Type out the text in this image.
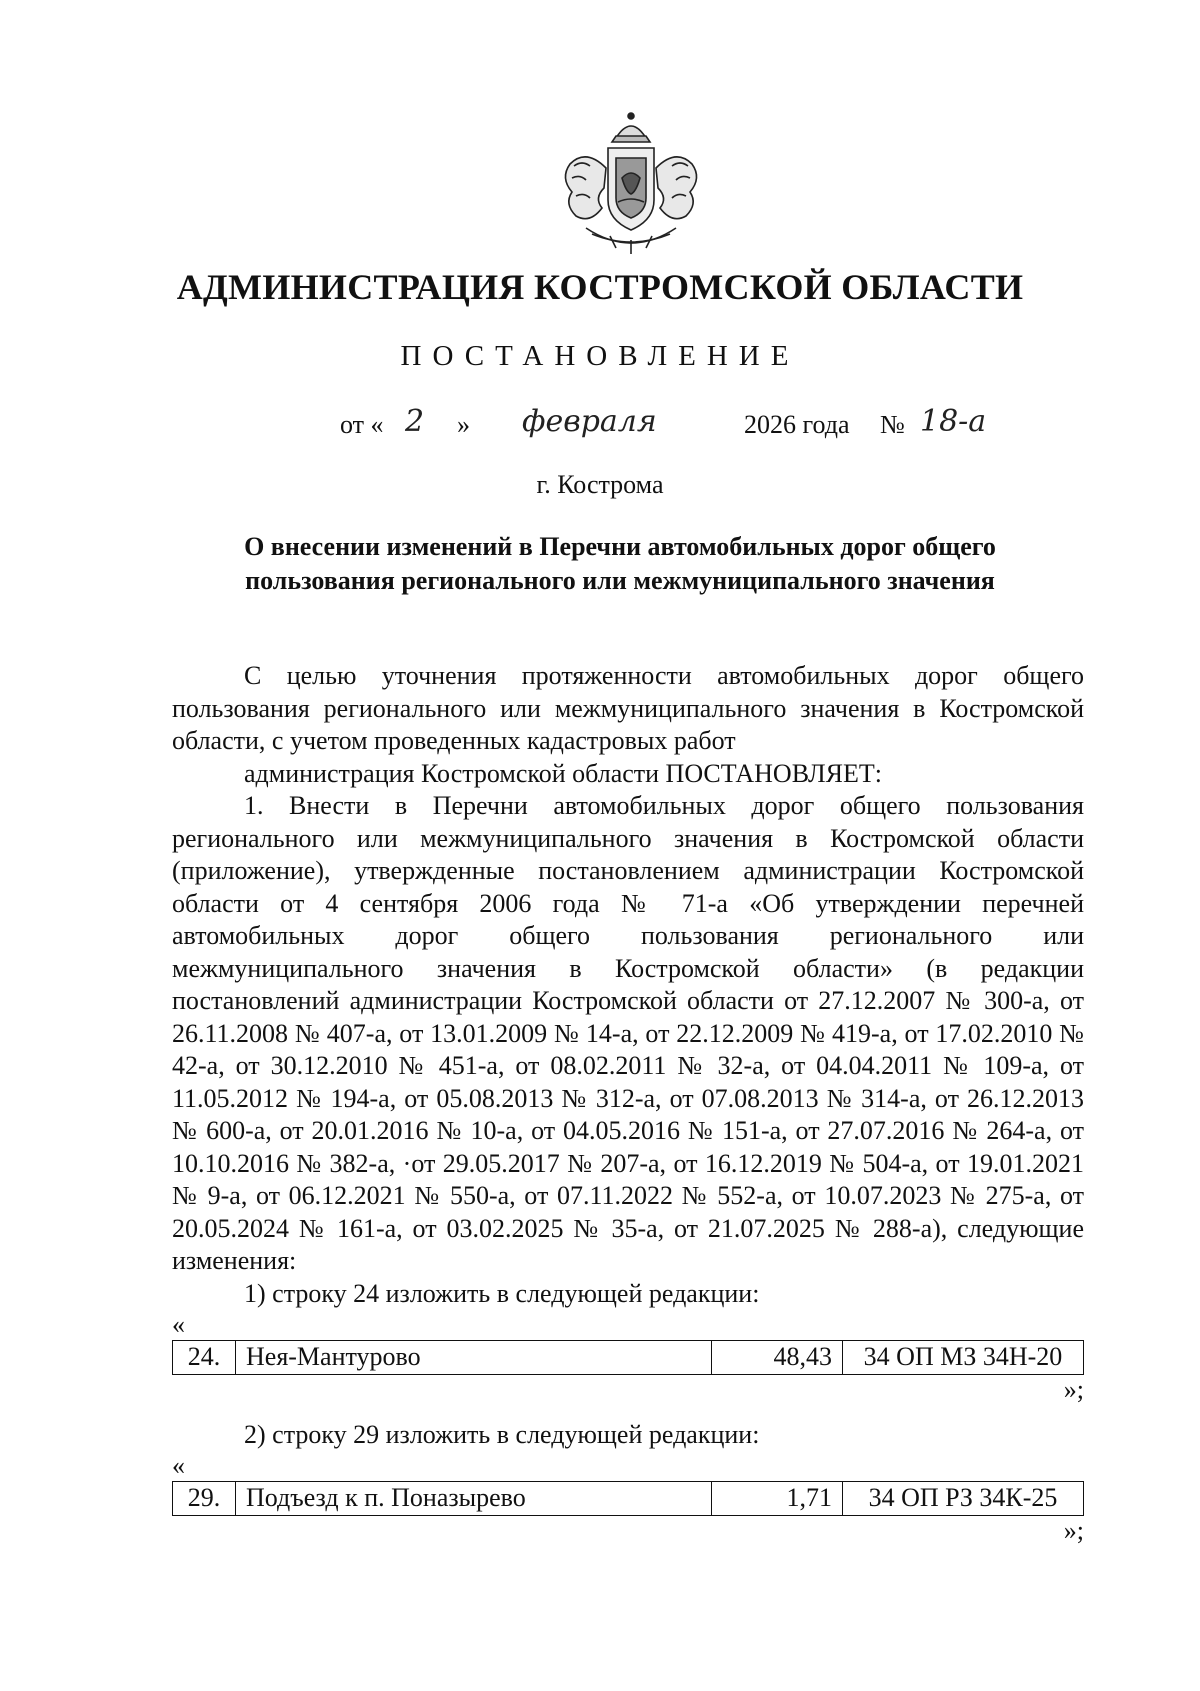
АДМИНИСТРАЦИЯ КОСТРОМСКОЙ ОБЛАСТИ
ПОСТАНОВЛЕНИЕ
от « 2 » февраля	2026 года № 18-а
г. Кострома
О внесении изменений в Перечни автомобильных дорог общего пользования регионального или межмуниципального значения

С целью уточнения протяженности автомобильных дорог общего пользования регионального или межмуниципального значения в Костромской области, с учетом проведенных кадастровых работ

администрация Костромской области ПОСТАНОВЛЯЕТ:

1. Внести в Перечни автомобильных дорог общего пользования регионального или межмуниципального значения в Костромской области (приложение), утвержденные постановлением администрации Костромской области от 4 сентября 2006 года № 71-а «Об утверждении перечней автомобильных дорог общего пользования регионального или межмуниципального значения в Костромской области» (в редакции постановлений администрации Костромской области от 27.12.2007 № 300-а, от 26.11.2008 № 407-а, от 13.01.2009 № 14-а, от 22.12.2009 № 419-а, от 17.02.2010 № 42-а, от 30.12.2010 № 451-а, от 08.02.2011 № 32-а, от 04.04.2011 № 109-а, от 11.05.2012 № 194-а, от 05.08.2013 № 312-а, от 07.08.2013 № 314-а, от 26.12.2013 № 600-а, от 20.01.2016 № 10-а, от 04.05.2016 № 151-а, от 27.07.2016 № 264-а, от 10.10.2016 № 382-а, ·от 29.05.2017 № 207-а, от 16.12.2019 № 504-а, от 19.01.2021 № 9-а, от 06.12.2021 № 550-а, от 07.11.2022 № 552-а, от 10.07.2023 № 275-а, от 20.05.2024 № 161-а, от 03.02.2025 № 35-а, от 21.07.2025 № 288-а), следующие изменения:

1) строку 24 изложить в следующей редакции:

«
24.	Нея-Мантурово	48,43	34 ОП МЗ 34Н-20
»;

2) строку 29 изложить в следующей редакции:

«
29.	Подъезд к п. Поназырево	1,71	34 ОП РЗ 34К-25
»;
